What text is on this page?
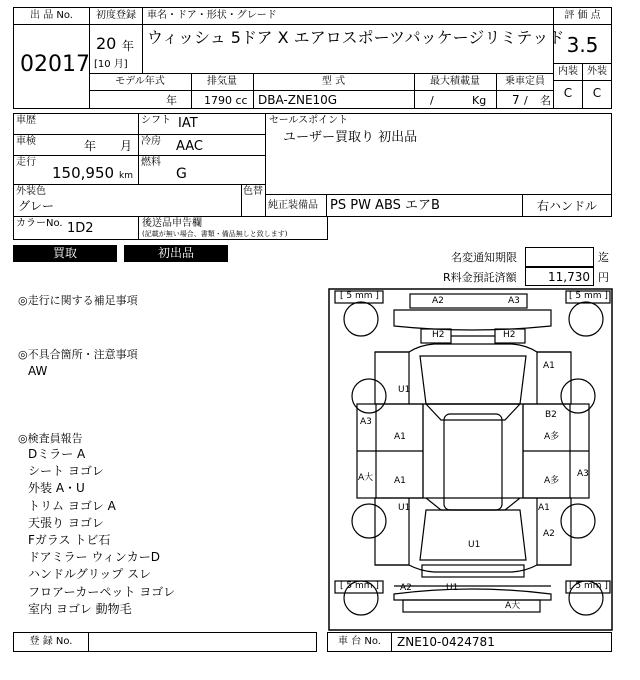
出 品 No.
02017
初度登録
20 年
[10 月]
車名・ドア・形状・グレード
ウィッシュ 5ドア X エアロスポーツパッケージリミテッド
評 価 点
3.5
内装 外装
C	C
モデル年式	排気量	型 式	最大積載量	乗車定員
年 1790 cc DBA-ZNE10G	/	Kg 7 / 名
車歴	シフト IAT
車検	年 月 冷房 AAC
走行
150,950 km
燃料
G
セールスポイント
ユーザー買取り 初出品
外装色
グレー
色替
純正装備品 PS PW ABS エアB	右ハンドル
カラーNo. 1D2	後送品申告欄
(記載が無い場合、書類・備品無しと致します)
買取	初出品	名変通知期限	迄
R料金預託済額	11,730 円
◎走行に関する補足事項
◎不具合箇所・注意事項
AW
◎検査員報告
Dミラー A
シート ヨゴレ
外装 A・U
トリム ヨゴレ A
天張り ヨゴレ
Fガラス トビ石
ドアミラー ウィンカーD
ハンドルグリップ スレ
フロアーカーペット ヨゴレ
室内 ヨゴレ 動物毛
[ 5 mm ]	[ 5 mm ]
[ 5 mm ]	[ 5 mm ]
A2	A3
H2	H2
U1
A1
A3
A1
B2
A多
A3
A大 A1	A多
U1	A1
A2
U1
A2	U1
A大
登 録 No.	車 台 No.	ZNE10-0424781
